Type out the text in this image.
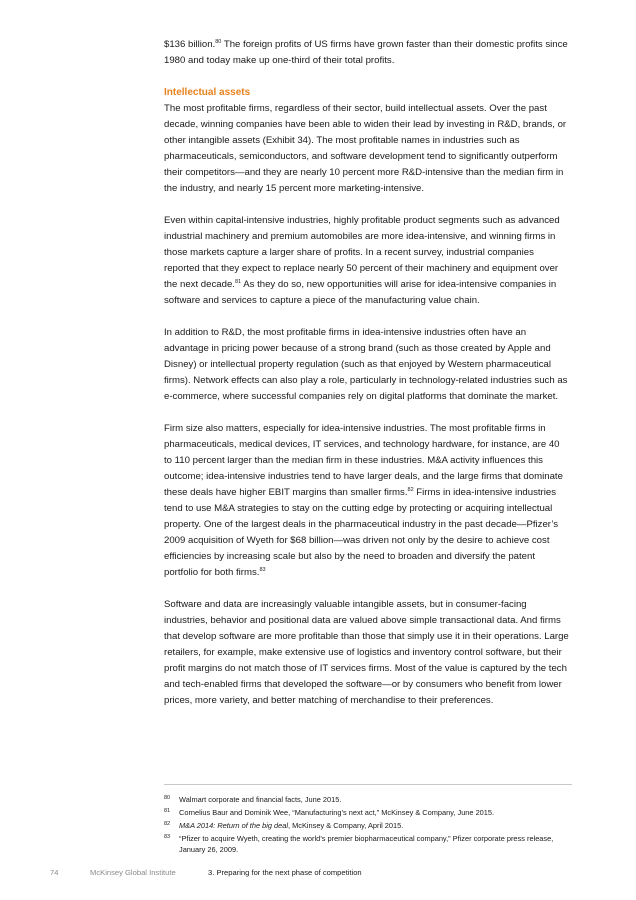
$136 billion.$^{80}$ The foreign profits of US firms have grown faster than their domestic profits since 1980 and today make up one-third of their total profits.

Intellectual assets

The most profitable firms, regardless of their sector, build intellectual assets. Over the past decade, winning companies have been able to widen their lead by investing in R&D, brands, or other intangible assets (Exhibit 34). The most profitable names in industries such as pharmaceuticals, semiconductors, and software development tend to significantly outperform their competitors—and they are nearly 10 percent more R&D-intensive than the median firm in the industry, and nearly 15 percent more marketing-intensive.

Even within capital-intensive industries, highly profitable product segments such as advanced industrial machinery and premium automobiles are more idea-intensive, and winning firms in those markets capture a larger share of profits. In a recent survey, industrial companies reported that they expect to replace nearly 50 percent of their machinery and equipment over the next decade.$^{81}$ As they do so, new opportunities will arise for idea-intensive companies in software and services to capture a piece of the manufacturing value chain.

In addition to R&D, the most profitable firms in idea-intensive industries often have an advantage in pricing power because of a strong brand (such as those created by Apple and Disney) or intellectual property regulation (such as that enjoyed by Western pharmaceutical firms). Network effects can also play a role, particularly in technology-related industries such as e-commerce, where successful companies rely on digital platforms that dominate the market.

Firm size also matters, especially for idea-intensive industries. The most profitable firms in pharmaceuticals, medical devices, IT services, and technology hardware, for instance, are 40 to 110 percent larger than the median firm in these industries. M&A activity influences this outcome; idea-intensive industries tend to have larger deals, and the large firms that dominate these deals have higher EBIT margins than smaller firms.$^{82}$ Firms in idea-intensive industries tend to use M&A strategies to stay on the cutting edge by protecting or acquiring intellectual property. One of the largest deals in the pharmaceutical industry in the past decade—Pfizer’s 2009 acquisition of Wyeth for $68 billion—was driven not only by the desire to achieve cost efficiencies by increasing scale but also by the need to broaden and diversify the patent portfolio for both firms.$^{83}$

Software and data are increasingly valuable intangible assets, but in consumer-facing industries, behavior and positional data are valued above simple transactional data. And firms that develop software are more profitable than those that simply use it in their operations. Large retailers, for example, make extensive use of logistics and inventory control software, but their profit margins do not match those of IT services firms. Most of the value is captured by the tech and tech-enabled firms that developed the software—or by consumers who benefit from lower prices, more variety, and better matching of merchandise to their preferences.

80	Walmart corporate and financial facts, June 2015.
81	Cornelius Baur and Dominik Wee, “Manufacturing’s next act,” McKinsey & Company, June 2015.
82	M&A 2014: Return of the big deal, McKinsey & Company, April 2015.
83	“Pfizer to acquire Wyeth, creating the world’s premier biopharmaceutical company,” Pfizer corporate press release, January 26, 2009.
74	McKinsey Global Institute	3. Preparing for the next phase of competition
